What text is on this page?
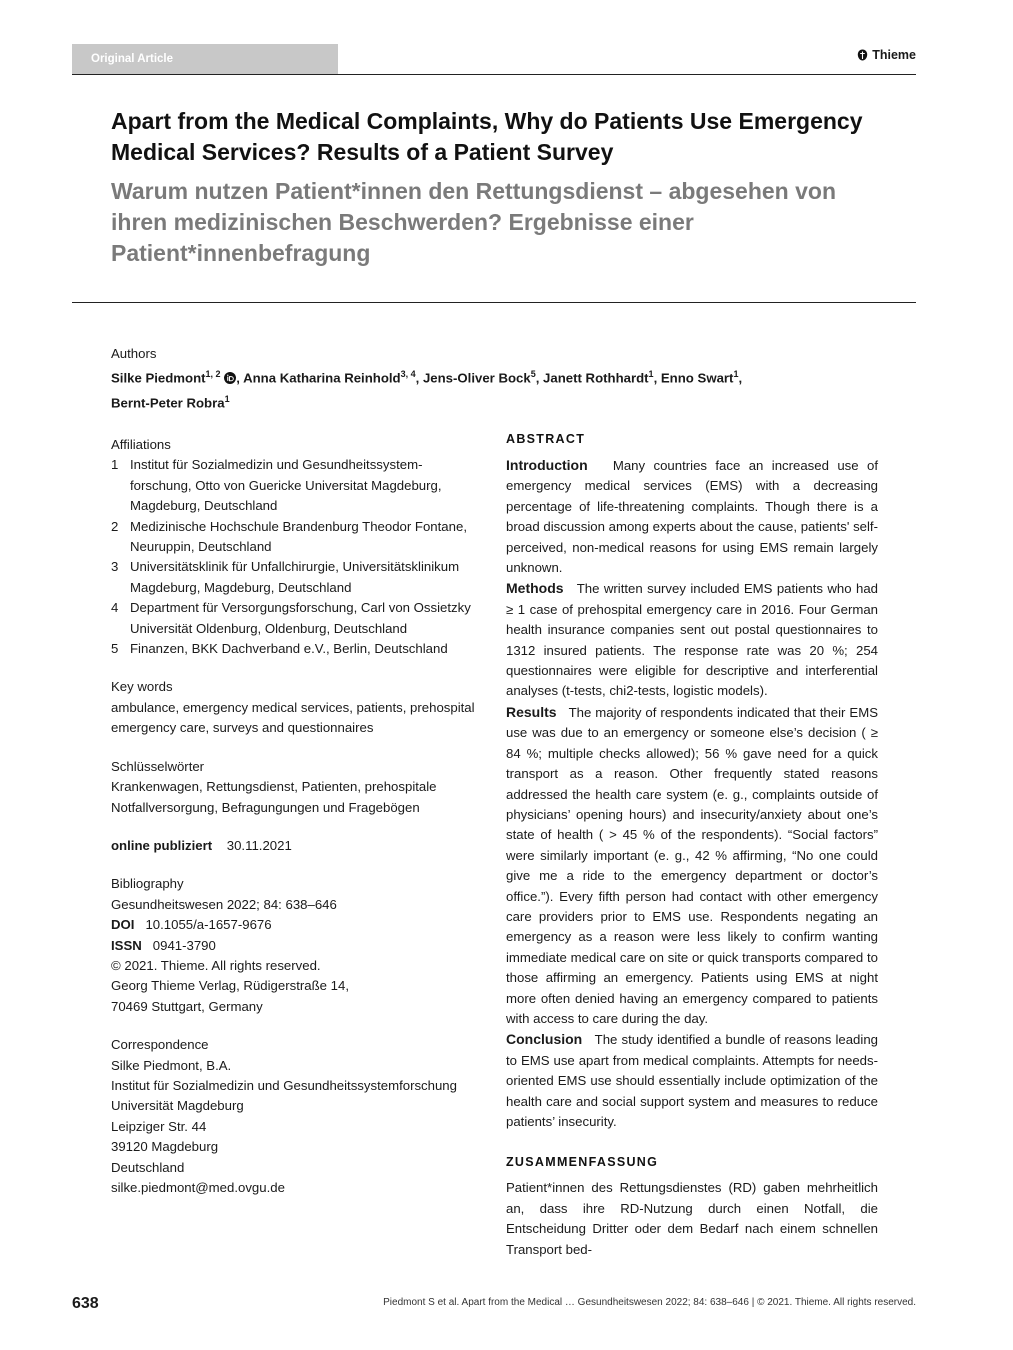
Original Article	Thieme
Apart from the Medical Complaints, Why do Patients Use Emergency Medical Services? Results of a Patient Survey
Warum nutzen Patient*innen den Rettungsdienst – abgesehen von ihren medizinischen Beschwerden? Ergebnisse einer Patient*innenbefragung
Authors
Silke Piedmont$^{1, 2}$ , Anna Katharina Reinhold$^{3, 4}$, Jens-Oliver Bock$^5$, Janett Rothhardt$^1$, Enno Swart$^1$,
Bernt-Peter Robra$^1$
Affiliations
1 Institut für Sozialmedizin und Gesundheitssystem-forschung, Otto von Guericke Universitat Magdeburg, Magdeburg, Deutschland
2 Medizinische Hochschule Brandenburg Theodor Fontane, Neuruppin, Deutschland
3 Universitätsklinik für Unfallchirurgie, Universitätsklinikum Magdeburg, Magdeburg, Deutschland
4 Department für Versorgungsforschung, Carl von Ossietzky Universität Oldenburg, Oldenburg, Deutschland
5 Finanzen, BKK Dachverband e.V., Berlin, Deutschland
Key words
ambulance, emergency medical services, patients, prehospital emergency care, surveys and questionnaires
Schlüsselwörter
Krankenwagen, Rettungsdienst, Patienten, prehospitale Notfallversorgung, Befragungungen und Fragebögen
online publiziert 30.11.2021
Bibliography
Gesundheitswesen 2022; 84: 638–646
DOI 10.1055/a-1657-9676
ISSN 0941-3790
© 2021. Thieme. All rights reserved.
Georg Thieme Verlag, Rüdigerstraße 14,
70469 Stuttgart, Germany
Correspondence
Silke Piedmont, B.A.
Institut für Sozialmedizin und Gesundheitssystemforschung
Universität Magdeburg
Leipziger Str. 44
39120 Magdeburg
Deutschland
silke.piedmont@med.ovgu.de
ABSTRACT

Introduction Many countries face an increased use of emergency medical services (EMS) with a decreasing percentage of life-threatening complaints. Though there is a broad discussion among experts about the cause, patients' self-perceived, non-medical reasons for using EMS remain largely unknown.

Methods The written survey included EMS patients who had ≥ 1 case of prehospital emergency care in 2016. Four German health insurance companies sent out postal questionnaires to 1312 insured patients. The response rate was 20 %; 254 questionnaires were eligible for descriptive and interferential analyses (t-tests, chi2-tests, logistic models).

Results The majority of respondents indicated that their EMS use was due to an emergency or someone else’s decision ( ≥ 84 %; multiple checks allowed); 56 % gave need for a quick transport as a reason. Other frequently stated reasons addressed the health care system (e. g., complaints outside of physicians’ opening hours) and insecurity/anxiety about one’s state of health ( > 45 % of the respondents). “Social factors” were similarly important (e. g., 42 % affirming, “No one could give me a ride to the emergency department or doctor’s office.”). Every fifth person had contact with other emergency care providers prior to EMS use. Respondents negating an emergency as a reason were less likely to confirm wanting immediate medical care on site or quick transports compared to those affirming an emergency. Patients using EMS at night more often denied having an emergency compared to patients with access to care during the day.

Conclusion The study identified a bundle of reasons leading to EMS use apart from medical complaints. Attempts for needs-oriented EMS use should essentially include optimization of the health care and social support system and measures to reduce patients’ insecurity.

ZUSAMMENFASSUNG

Patient*innen des Rettungsdienstes (RD) gaben mehrheitlich an, dass ihre RD-Nutzung durch einen Notfall, die Entscheidung Dritter oder dem Bedarf nach einem schnellen Transport bed-

638	Piedmont S et al. Apart from the Medical … Gesundheitswesen 2022; 84: 638–646 | © 2021. Thieme. All rights reserved.
